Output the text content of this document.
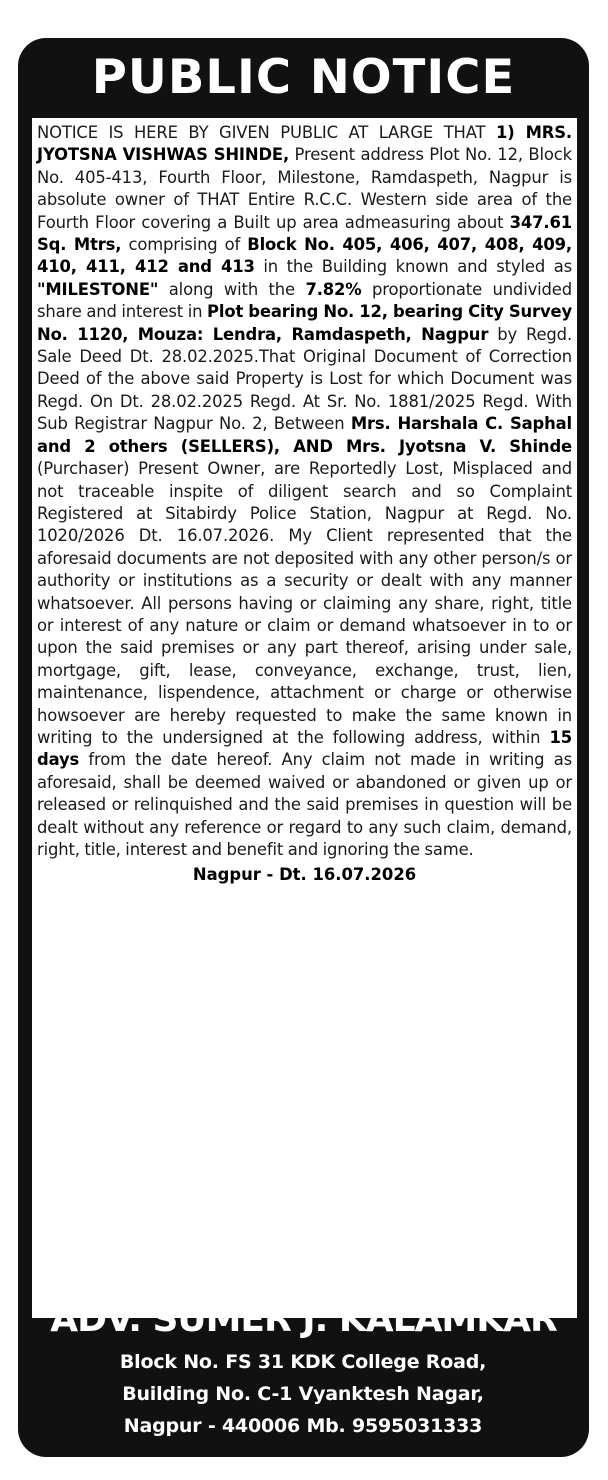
PUBLIC NOTICE
NOTICE IS HERE BY GIVEN PUBLIC AT LARGE THAT 1) MRS. JYOTSNA VISHWAS SHINDE, Present address Plot No. 12, Block No. 405-413, Fourth Floor, Milestone, Ramdaspeth, Nagpur is absolute owner of THAT Entire R.C.C. Western side area of the Fourth Floor covering a Built up area admeasuring about 347.61 Sq. Mtrs, comprising of Block No. 405, 406, 407, 408, 409, 410, 411, 412 and 413 in the Building known and styled as "MILESTONE" along with the 7.82% proportionate undivided share and interest in Plot bearing No. 12, bearing City Survey No. 1120, Mouza: Lendra, Ramdaspeth, Nagpur by Regd. Sale Deed Dt. 28.02.2025.That Original Document of Correction Deed of the above said Property is Lost for which Document was Regd. On Dt. 28.02.2025 Regd. At Sr. No. 1881/2025 Regd. With Sub Registrar Nagpur No. 2, Between Mrs. Harshala C. Saphal and 2 others (SELLERS), AND Mrs. Jyotsna V. Shinde (Purchaser) Present Owner, are Reportedly Lost, Misplaced and not traceable inspite of diligent search and so Complaint Registered at Sitabirdy Police Station, Nagpur at Regd. No. 1020/2026 Dt. 16.07.2026. My Client represented that the aforesaid documents are not deposited with any other person/s or authority or institutions as a security or dealt with any manner whatsoever. All persons having or claiming any share, right, title or interest of any nature or claim or demand whatsoever in to or upon the said premises or any part thereof, arising under sale, mortgage, gift, lease, conveyance, exchange, trust, lien, maintenance, lispendence, attachment or charge or otherwise howsoever are hereby requested to make the same known in writing to the undersigned at the following address, within 15 days from the date hereof. Any claim not made in writing as aforesaid, shall be deemed waived or abandoned or given up or released or relinquished and the said premises in question will be dealt without any reference or regard to any such claim, demand, right, title, interest and benefit and ignoring the same.
Nagpur - Dt. 16.07.2026
ADV. SUMER J. KALAMKAR
Block No. FS 31 KDK College Road,
Building No. C-1 Vyanktesh Nagar,
Nagpur - 440006 Mb. 9595031333
